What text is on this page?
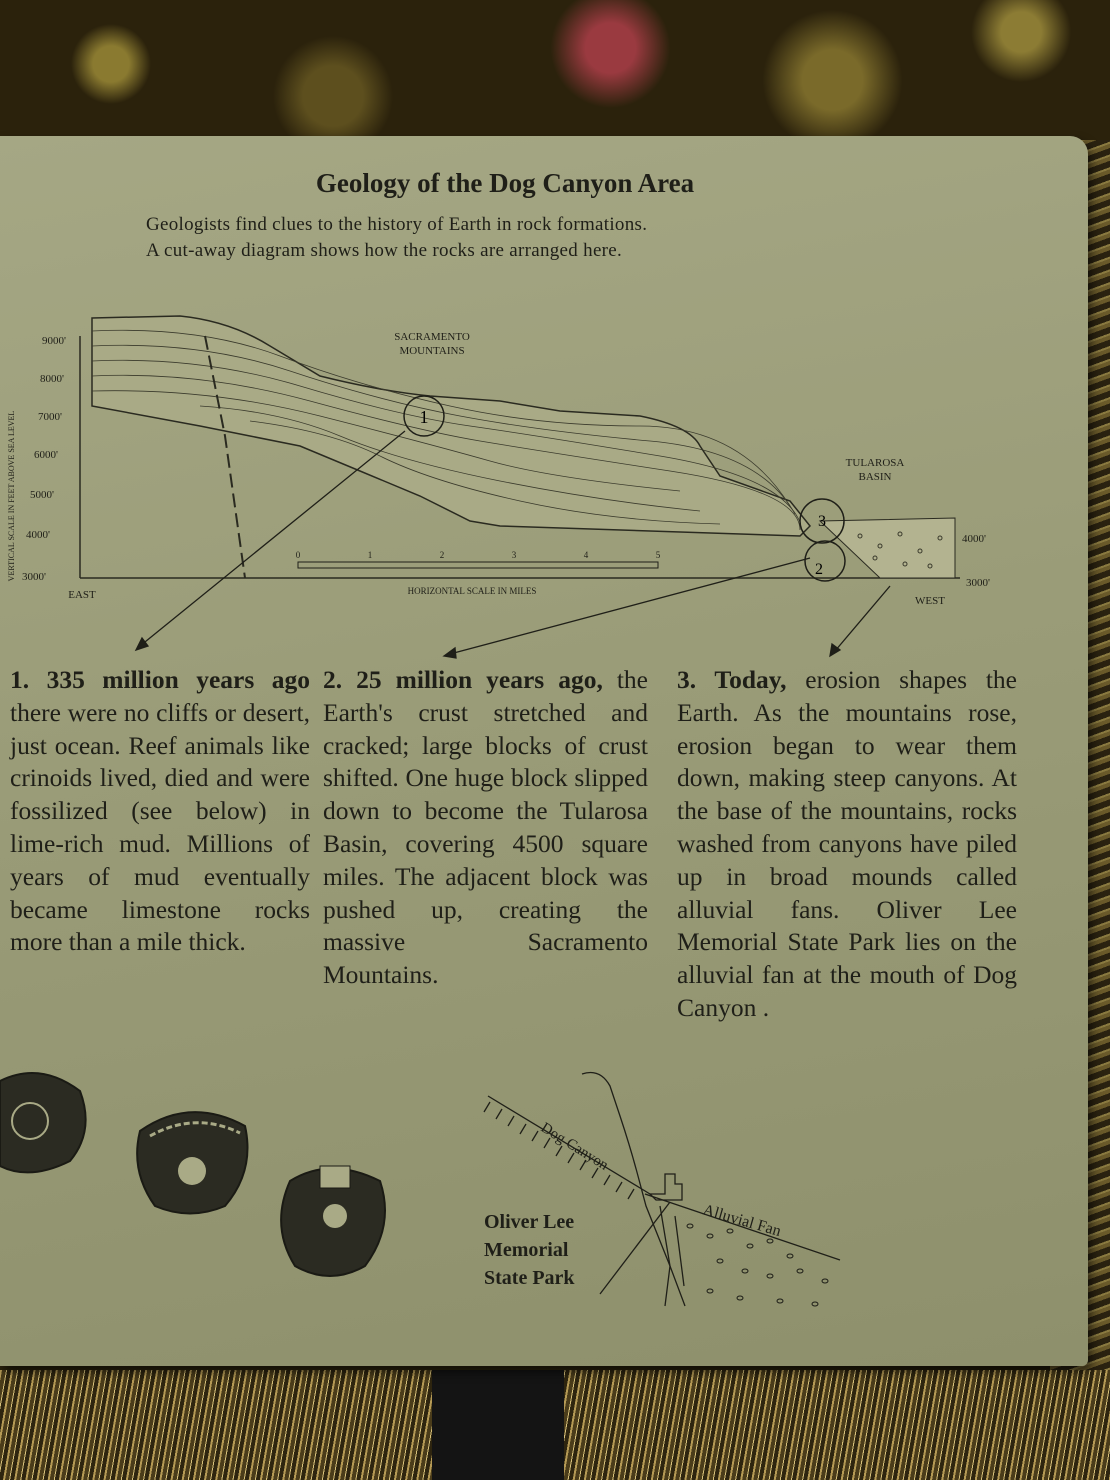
Geology of the Dog Canyon Area
Geologists find clues to the history of Earth in rock formations.
A cut-away diagram shows how the rocks are arranged here.
1
3
2
0	1	2	3	4	5
9000'
8000'
7000'
6000'
5000'
4000'
3000'
4000'
3000'
VERTICAL SCALE IN FEET ABOVE SEA LEVEL
HORIZONTAL SCALE IN MILES
SACRAMENTO
MOUNTAINS
TULAROSA
BASIN
EAST	WEST
1. 335 million years ago there were no cliffs or desert, just ocean. Reef animals like crinoids lived, died and were fossilized (see below) in lime-rich mud. Millions of years of mud eventually became limestone rocks more than a mile thick.
2. 25 million years ago, the Earth's crust stretched and cracked; large blocks of crust shifted. One huge block slipped down to become the Tularosa Basin, covering 4500 square miles. The adjacent block was pushed up, creating the massive Sacramento Mountains.
3. Today, erosion shapes the Earth. As the mountains rose, erosion began to wear them down, making steep canyons. At the base of the mountains, rocks washed from canyons have piled up in broad mounds called alluvial fans. Oliver Lee Memorial State Park lies on the alluvial fan at the mouth of Dog Canyon .
Dog Canyon
Alluvial Fan
Oliver Lee
Memorial
State Park
